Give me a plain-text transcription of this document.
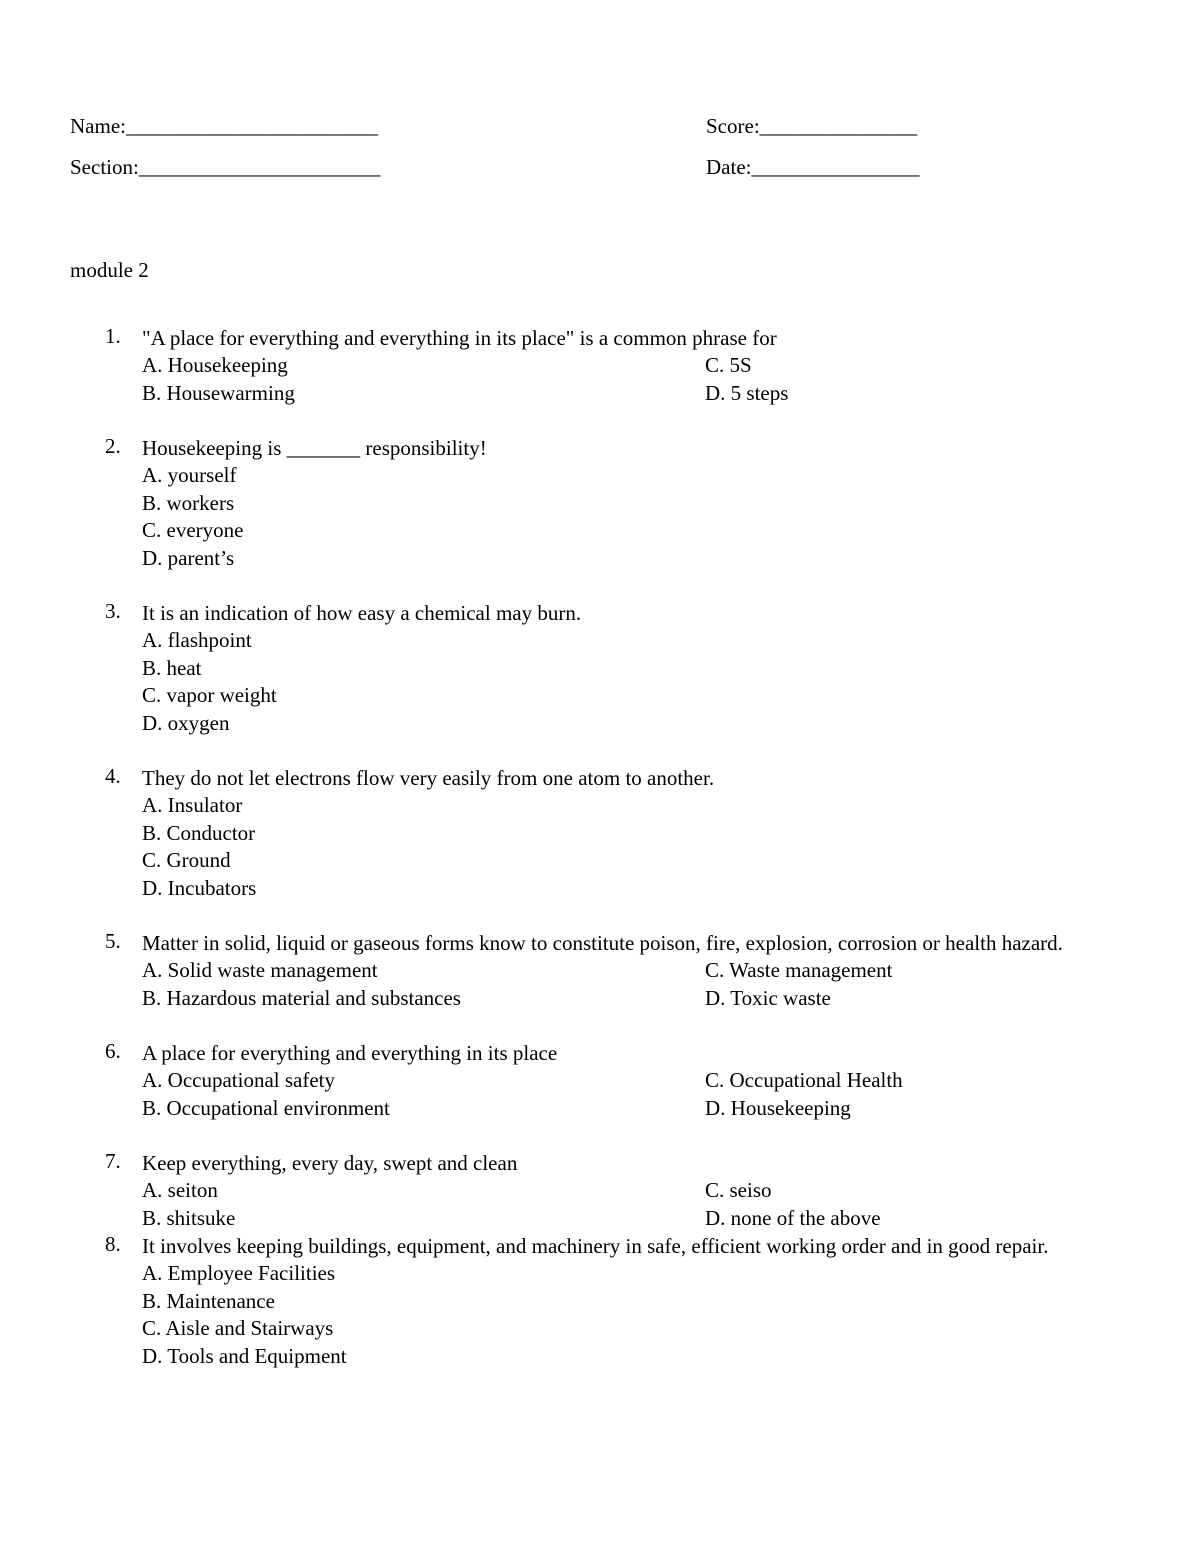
Name:________________________	Score:_______________
Section:_______________________	Date:________________
module 2
1.	"A place for everything and everything in its place" is a common phrase for
A. Housekeeping	C. 5S
B. Housewarming	D. 5 steps
2.	Housekeeping is _______ responsibility!
A. yourself
B. workers
C. everyone
D. parent’s
3.	It is an indication of how easy a chemical may burn.
A. flashpoint
B. heat
C. vapor weight
D. oxygen
4.	They do not let electrons flow very easily from one atom to another.
A. Insulator
B. Conductor
C. Ground
D. Incubators
5.	Matter in solid, liquid or gaseous forms know to constitute poison, fire, explosion, corrosion or health hazard.
A. Solid waste management	C. Waste management
B. Hazardous material and substances	D. Toxic waste
6.	A place for everything and everything in its place
A. Occupational safety	C. Occupational Health
B. Occupational environment	D. Housekeeping
7.	Keep everything, every day, swept and clean
A. seiton	C. seiso
B. shitsuke	D. none of the above
8.	It involves keeping buildings, equipment, and machinery in safe, efficient working order and in good repair.
A. Employee Facilities
B. Maintenance
C. Aisle and Stairways
D. Tools and Equipment
